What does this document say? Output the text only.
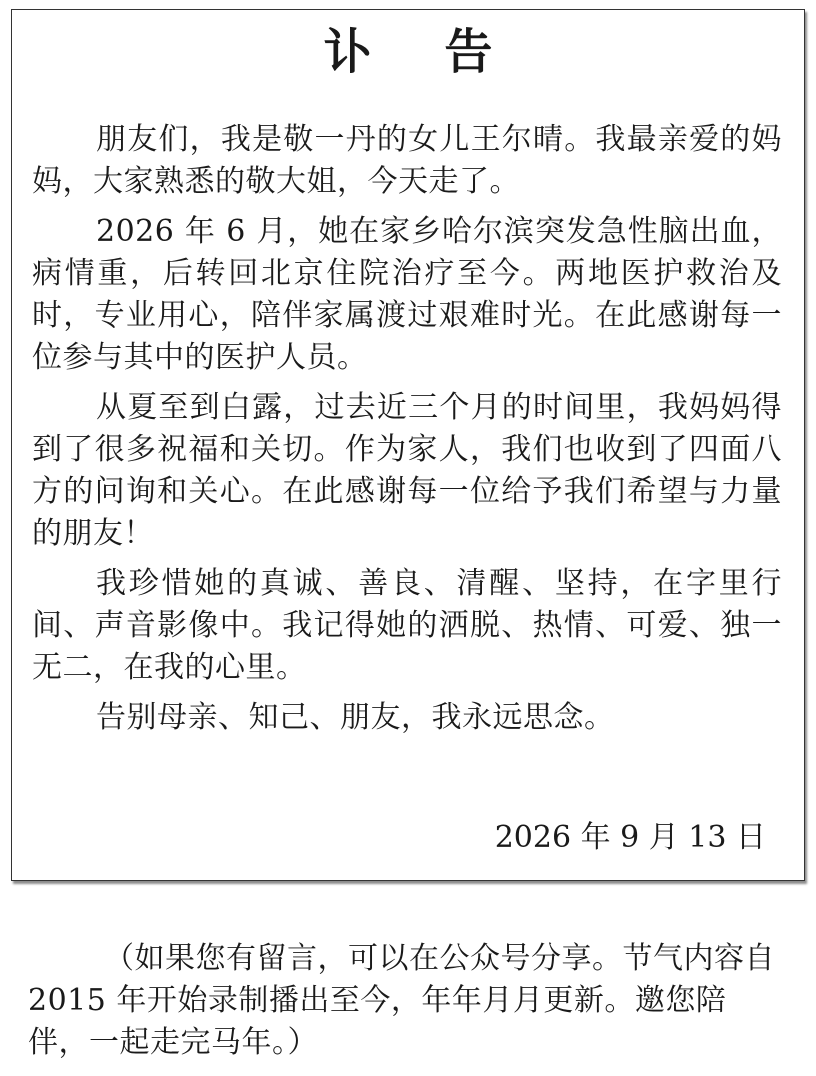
讣 告

朋友们，我是敬一丹的女儿王尔晴。我最亲爱的妈妈，大家熟悉的敬大姐，今天走了。

2026 年 6 月，她在家乡哈尔滨突发急性脑出血，病情重，后转回北京住院治疗至今。两地医护救治及时，专业用心，陪伴家属渡过艰难时光。在此感谢每一位参与其中的医护人员。

从夏至到白露，过去近三个月的时间里，我妈妈得到了很多祝福和关切。作为家人，我们也收到了四面八方的问询和关心。在此感谢每一位给予我们希望与力量的朋友！

我珍惜她的真诚、善良、清醒、坚持，在字里行间、声音影像中。我记得她的洒脱、热情、可爱、独一无二，在我的心里。

告别母亲、知己、朋友，我永远思念。

2026 年 9 月 13 日

（如果您有留言，可以在公众号分享。节气内容自 2015 年开始录制播出至今，年年月月更新。邀您陪伴，一起走完马年。）
